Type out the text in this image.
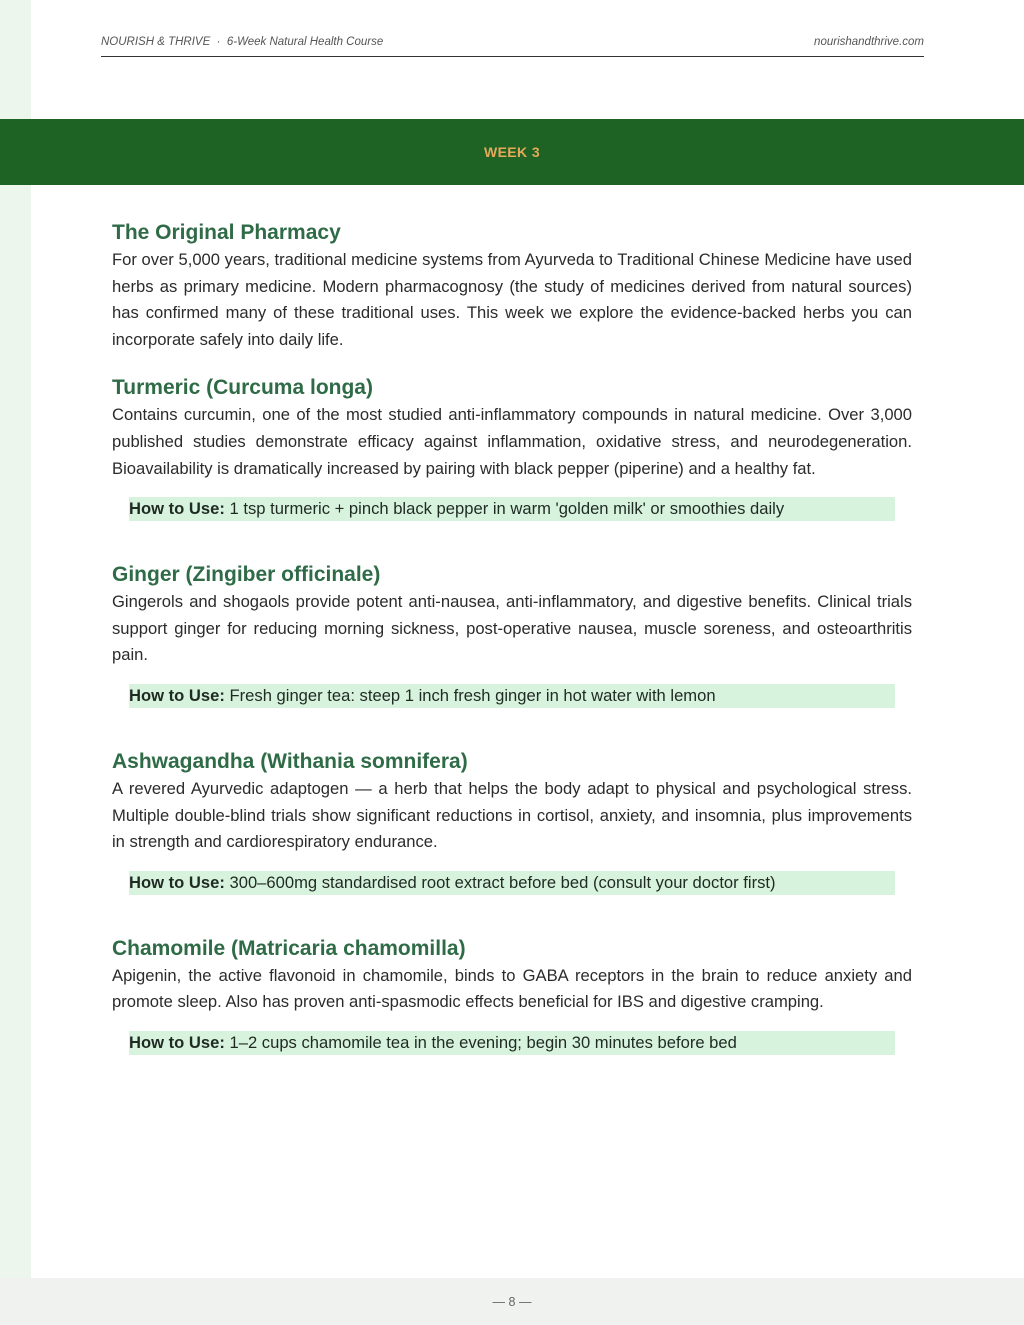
NOURISH & THRIVE  ·  6-Week Natural Health Course	nourishandthrive.com
WEEK 3
The Original Pharmacy

For over 5,000 years, traditional medicine systems from Ayurveda to Traditional Chinese Medicine have used herbs as primary medicine. Modern pharmacognosy (the study of medicines derived from natural sources) has confirmed many of these traditional uses. This week we explore the evidence-backed herbs you can incorporate safely into daily life.

Turmeric (Curcuma longa)

Contains curcumin, one of the most studied anti-inflammatory compounds in natural medicine. Over 3,000 published studies demonstrate efficacy against inflammation, oxidative stress, and neurodegeneration. Bioavailability is dramatically increased by pairing with black pepper (piperine) and a healthy fat.

How to Use: 1 tsp turmeric + pinch black pepper in warm 'golden milk' or smoothies daily
Ginger (Zingiber officinale)

Gingerols and shogaols provide potent anti-nausea, anti-inflammatory, and digestive benefits. Clinical trials support ginger for reducing morning sickness, post-operative nausea, muscle soreness, and osteoarthritis pain.

How to Use: Fresh ginger tea: steep 1 inch fresh ginger in hot water with lemon
Ashwagandha (Withania somnifera)

A revered Ayurvedic adaptogen — a herb that helps the body adapt to physical and psychological stress. Multiple double-blind trials show significant reductions in cortisol, anxiety, and insomnia, plus improvements in strength and cardiorespiratory endurance.

How to Use: 300–600mg standardised root extract before bed (consult your doctor first)
Chamomile (Matricaria chamomilla)

Apigenin, the active flavonoid in chamomile, binds to GABA receptors in the brain to reduce anxiety and promote sleep. Also has proven anti-spasmodic effects beneficial for IBS and digestive cramping.

How to Use: 1–2 cups chamomile tea in the evening; begin 30 minutes before bed
— 8 —
